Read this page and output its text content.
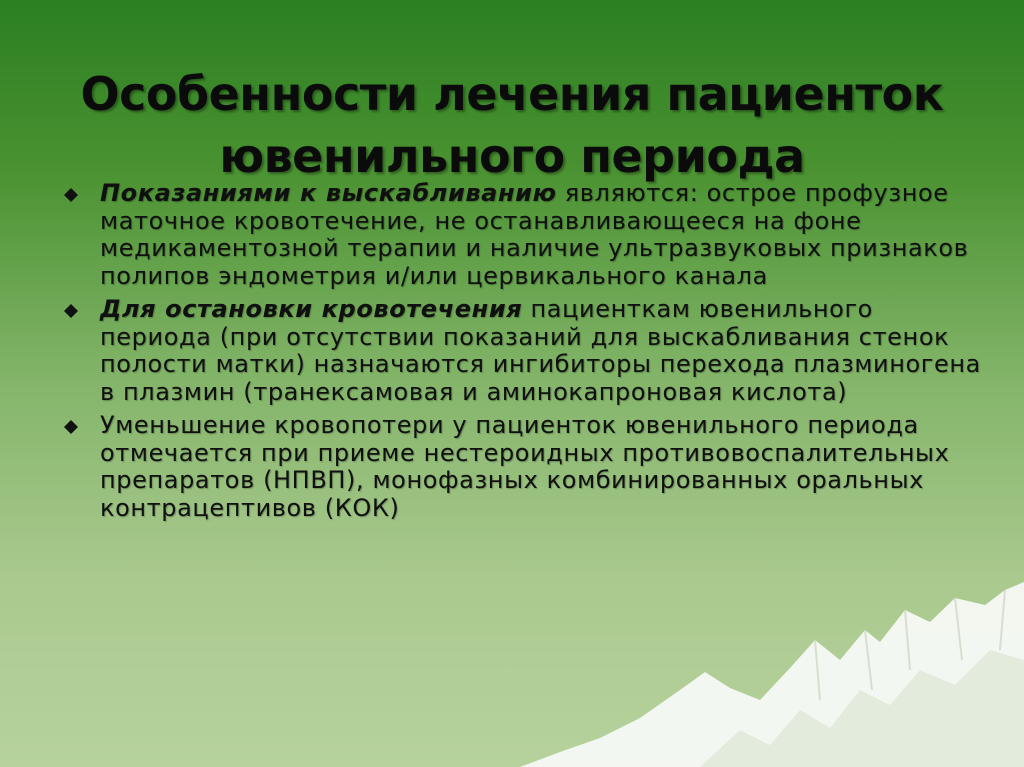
Особенности лечения пациенток
ювенильного периода
Показаниями к выскабливанию являются: острое профузное маточное кровотечение, не останавливающееся на фоне медикаментозной терапии и наличие ультразвуковых признаков полипов эндометрия и/или цервикального канала
Для остановки кровотечения пациенткам ювенильного периода (при отсутствии показаний для выскабливания стенок полости матки) назначаются ингибиторы перехода плазминогена в плазмин (транексамовая и аминокапроновая кислота)
Уменьшение кровопотери у пациенток ювенильного периода отмечается при приеме нестероидных противовоспалительных препаратов (НПВП), монофазных комбинированных оральных контрацептивов (КОК)
